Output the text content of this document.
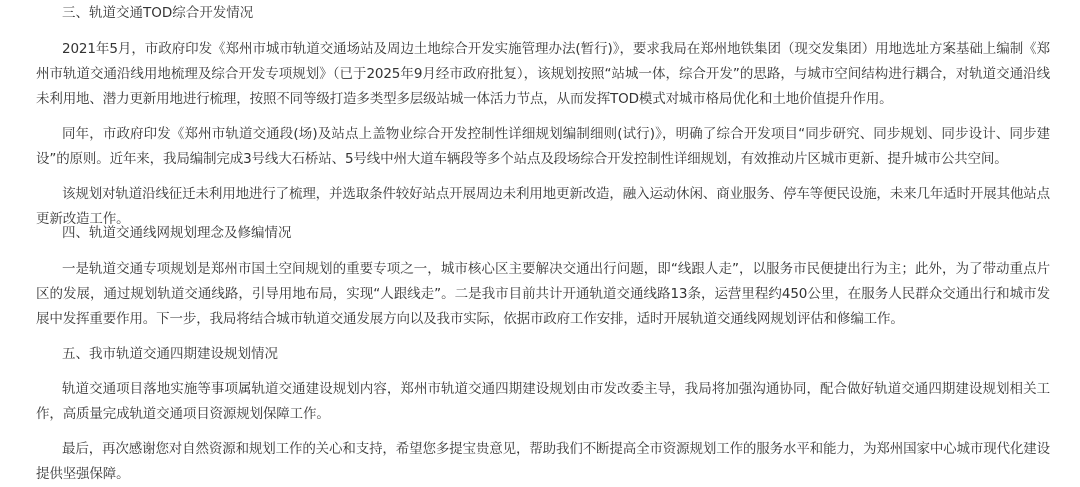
三、轨道交通TOD综合开发情况
2021年5月，市政府印发《郑州市城市轨道交通场站及周边土地综合开发实施管理办法(暂行)》，要求我局在郑州地铁集团（现交发集团）用地选址方案基础上编制《郑州市轨道交通沿线用地梳理及综合开发专项规划》（已于2025年9月经市政府批复），该规划按照“站城一体，综合开发”的思路，与城市空间结构进行耦合，对轨道交通沿线未利用地、潜力更新用地进行梳理，按照不同等级打造多类型多层级站城一体活力节点，从而发挥TOD模式对城市格局优化和土地价值提升作用。
同年，市政府印发《郑州市轨道交通段(场)及站点上盖物业综合开发控制性详细规划编制细则(试行)》，明确了综合开发项目“同步研究、同步规划、同步设计、同步建设”的原则。近年来，我局编制完成3号线大石桥站、5号线中州大道车辆段等多个站点及段场综合开发控制性详细规划，有效推动片区城市更新、提升城市公共空间。
该规划对轨道沿线征迁未利用地进行了梳理，并选取条件较好站点开展周边未利用地更新改造，融入运动休闲、商业服务、停车等便民设施，未来几年适时开展其他站点更新改造工作。
四、轨道交通线网规划理念及修编情况
一是轨道交通专项规划是郑州市国土空间规划的重要专项之一，城市核心区主要解决交通出行问题，即“线跟人走”，以服务市民便捷出行为主；此外，为了带动重点片区的发展，通过规划轨道交通线路，引导用地布局，实现“人跟线走”。二是我市目前共计开通轨道交通线路13条，运营里程约450公里，在服务人民群众交通出行和城市发展中发挥重要作用。下一步，我局将结合城市轨道交通发展方向以及我市实际，依据市政府工作安排，适时开展轨道交通线网规划评估和修编工作。
五、我市轨道交通四期建设规划情况
轨道交通项目落地实施等事项属轨道交通建设规划内容，郑州市轨道交通四期建设规划由市发改委主导，我局将加强沟通协同，配合做好轨道交通四期建设规划相关工作，高质量完成轨道交通项目资源规划保障工作。
最后，再次感谢您对自然资源和规划工作的关心和支持，希望您多提宝贵意见，帮助我们不断提高全市资源规划工作的服务水平和能力，为郑州国家中心城市现代化建设提供坚强保障。
